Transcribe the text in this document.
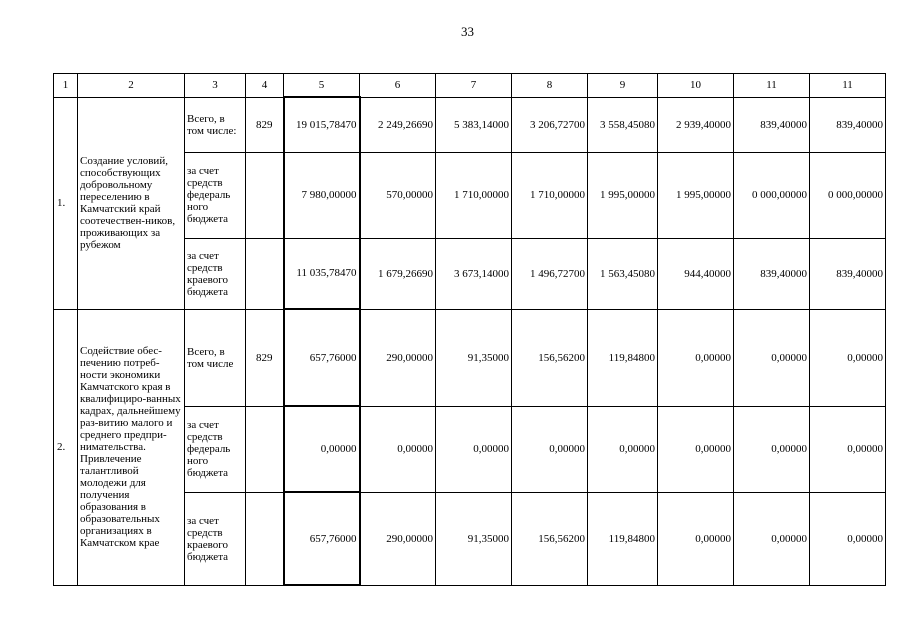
33
1	2	3	4	5	6	7	8	9	10	11	11
1.	Создание условий, способствующих добровольному переселению в Камчатский край соотечествен-ников, проживающих за рубежом	Всего, в том числе:	829	19 015,78470	2 249,26690	5 383,14000	3 206,72700	3 558,45080	2 939,40000	839,40000	839,40000
		за счет средств федераль ного бюджета		7 980,00000	570,00000	1 710,00000	1 710,00000	1 995,00000	1 995,00000	0 000,00000	0 000,00000
		за счет средств краевого бюджета		11 035,78470	1 679,26690	3 673,14000	1 496,72700	1 563,45080	944,40000	839,40000	839,40000
2.	Содействие обес-печению потреб-ности экономики Камчатского края в квалифициро-ванных кадрах, дальнейшему раз-витию малого и среднего предпри-нимательства. Привлечение талантливой молодежи для получения образования в образовательных организациях в Камчатском крае	Всего, в том числе	829	657,76000	290,00000	91,35000	156,56200	119,84800	0,00000	0,00000	0,00000
		за счет средств федераль ного бюджета		0,00000	0,00000	0,00000	0,00000	0,00000	0,00000	0,00000	0,00000
		за счет средств краевого бюджета		657,76000	290,00000	91,35000	156,56200	119,84800	0,00000	0,00000	0,00000
